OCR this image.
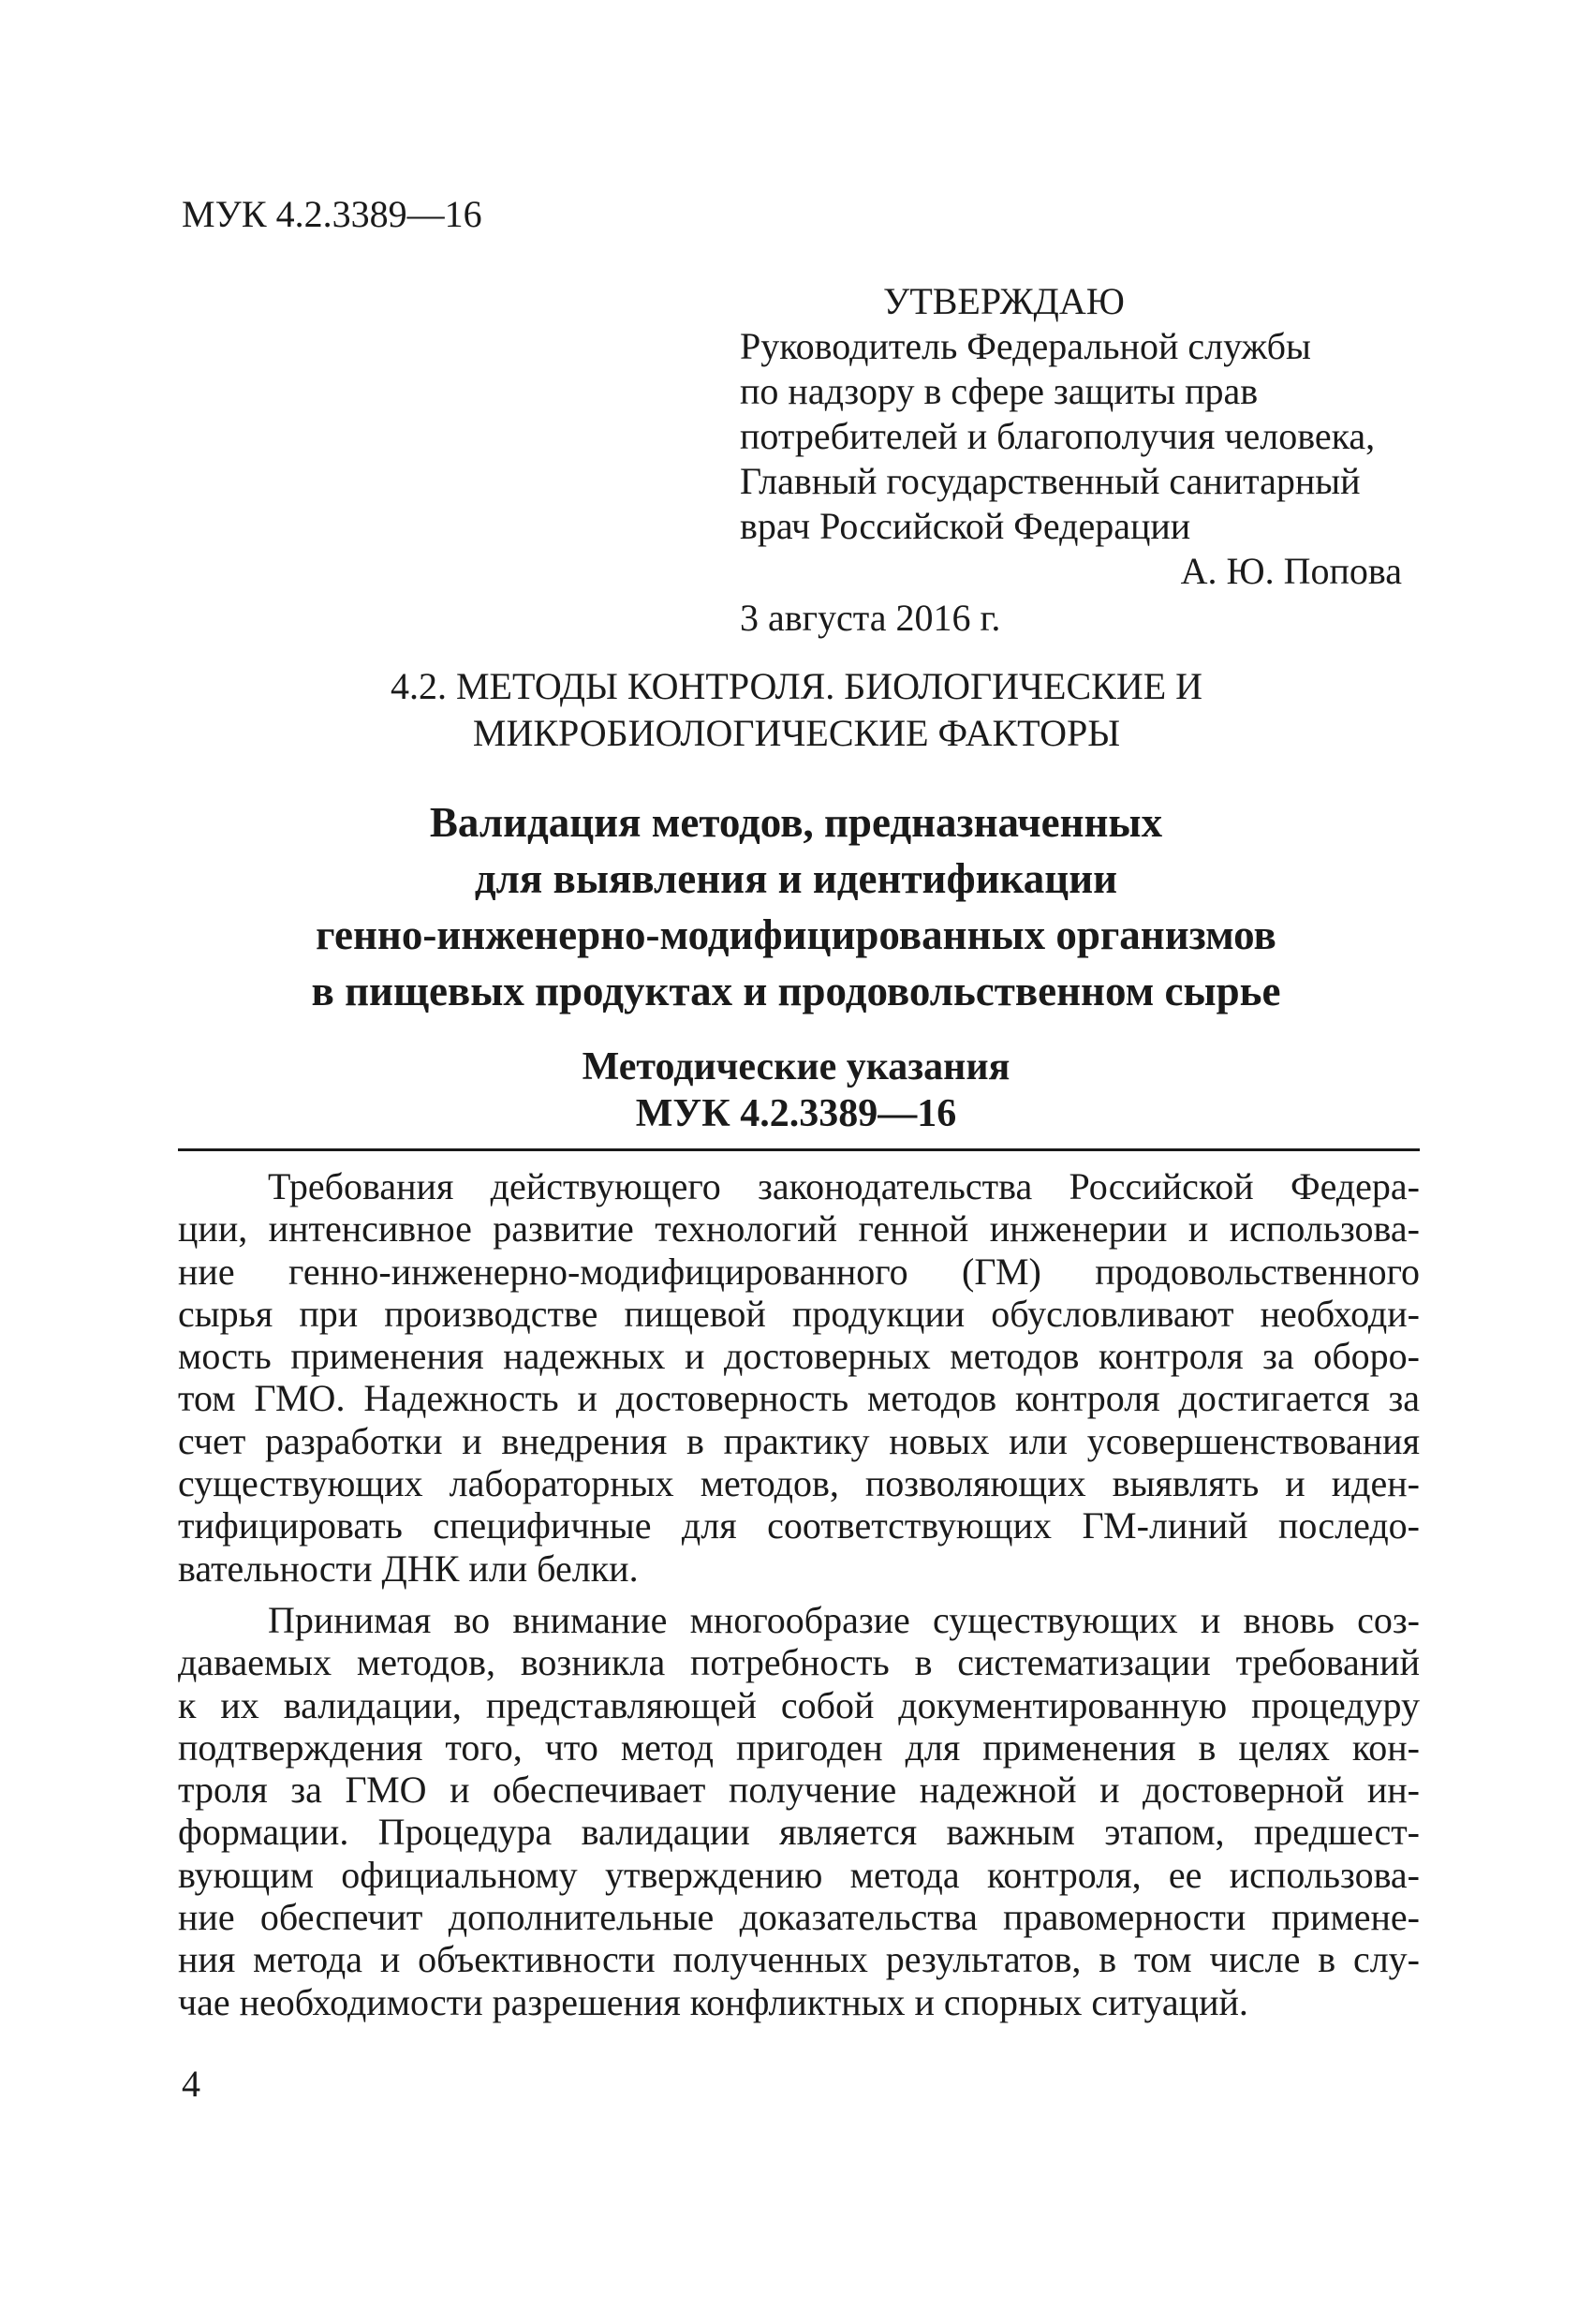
МУК 4.2.3389—16
УТВЕРЖДАЮ
Руководитель Федеральной службы
по надзору в сфере защиты прав
потребителей и благополучия человека,
Главный государственный санитарный
врач Российской Федерации
А. Ю. Попова
3 августа 2016 г.
4.2. МЕТОДЫ КОНТРОЛЯ. БИОЛОГИЧЕСКИЕ И
МИКРОБИОЛОГИЧЕСКИЕ ФАКТОРЫ
Валидация методов, предназначенных
для выявления и идентификации
генно-инженерно-модифицированных организмов
в пищевых продуктах и продовольственном сырье
Методические указания
МУК 4.2.3389—16

Требования действующего законодательства Российской Федера-
ции, интенсивное развитие технологий генной инженерии и использова-
ние генно-инженерно-модифицированного (ГМ) продовольственного
сырья при производстве пищевой продукции обусловливают необходи-
мость применения надежных и достоверных методов контроля за оборо-
том ГМО. Надежность и достоверность методов контроля достигается за
счет разработки и внедрения в практику новых или усовершенствования
существующих лабораторных методов, позволяющих выявлять и иден-
тифицировать специфичные для соответствующих ГМ-линий последо-
вательности ДНК или белки.

Принимая во внимание многообразие существующих и вновь соз-
даваемых методов, возникла потребность в систематизации требований
к их валидации, представляющей собой документированную процедуру
подтверждения того, что метод пригоден для применения в целях кон-
троля за ГМО и обеспечивает получение надежной и достоверной ин-
формации. Процедура валидации является важным этапом, предшест-
вующим официальному утверждению метода контроля, ее использова-
ние обеспечит дополнительные доказательства правомерности примене-
ния метода и объективности полученных результатов, в том числе в слу-
чае необходимости разрешения конфликтных и спорных ситуаций.

4
